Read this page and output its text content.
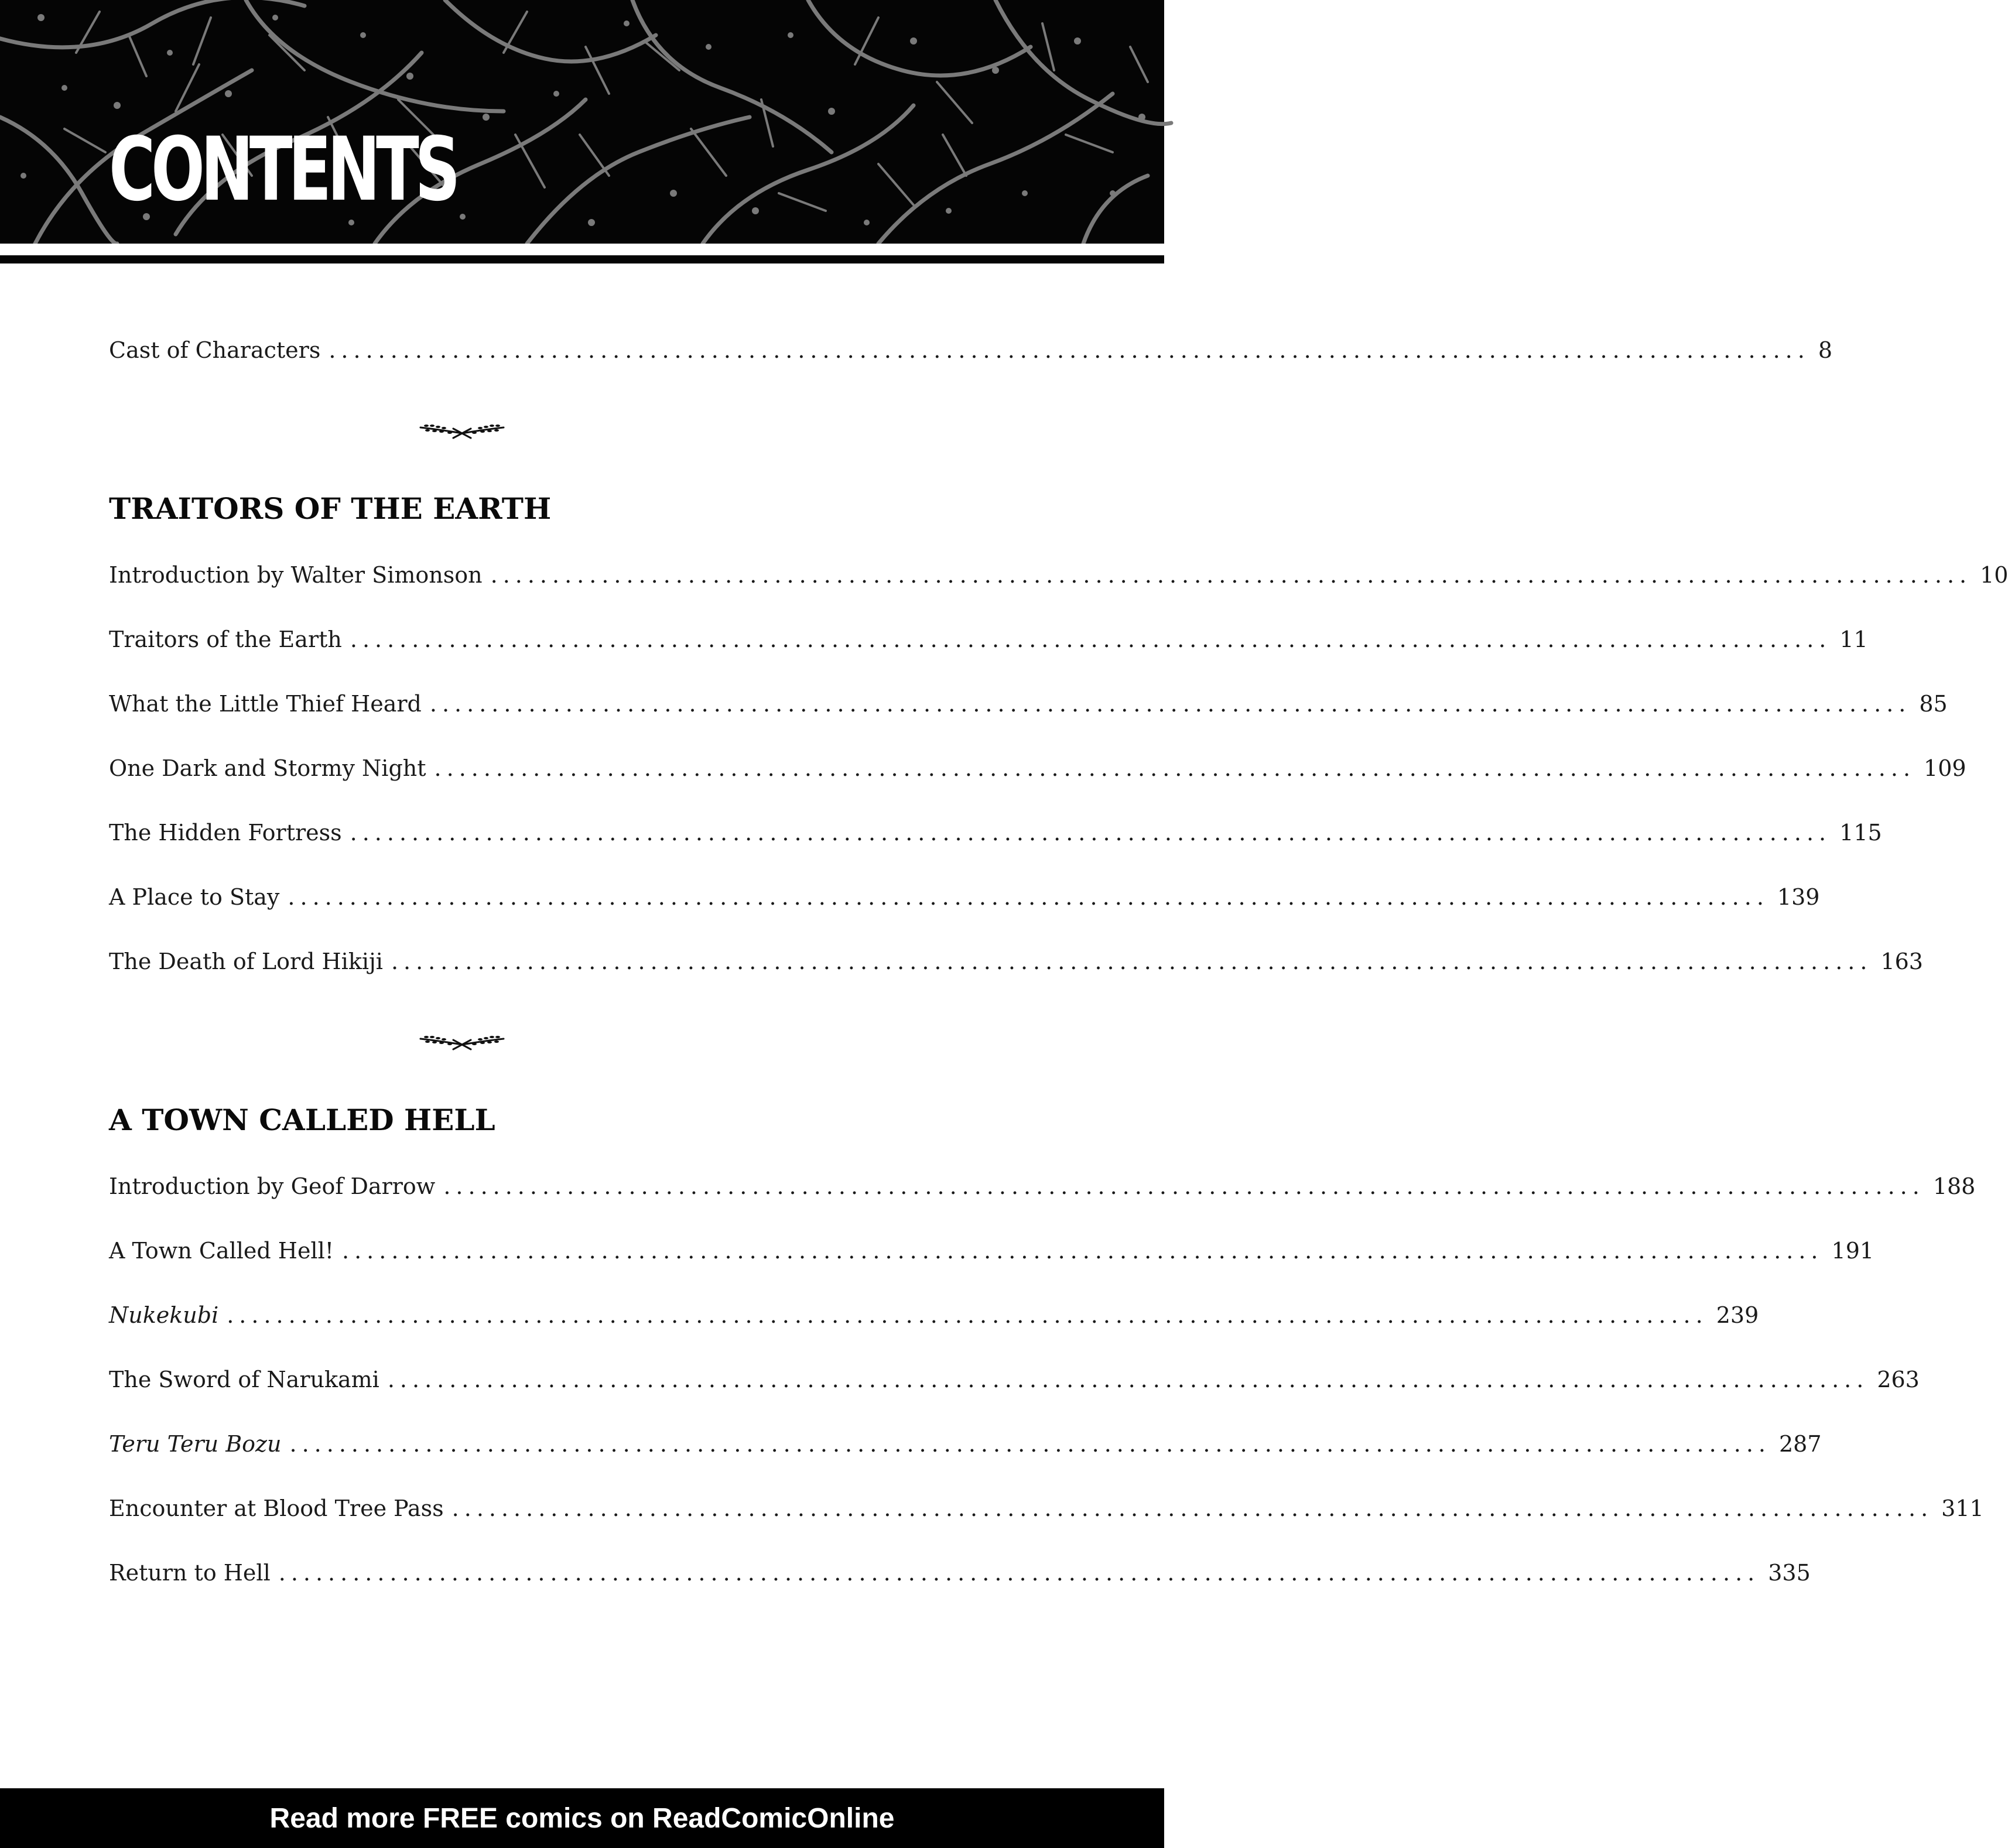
CONTENTS
Cast of Characters ........................................................................................................................ 8
TRAITORS OF THE EARTH
Introduction by Walter Simonson ........................................................................................................................ 10
Traitors of the Earth ........................................................................................................................ 11
What the Little Thief Heard ........................................................................................................................ 85
One Dark and Stormy Night ........................................................................................................................ 109
The Hidden Fortress ........................................................................................................................ 115
A Place to Stay ........................................................................................................................ 139
The Death of Lord Hikiji ........................................................................................................................ 163
A TOWN CALLED HELL
Introduction by Geof Darrow ........................................................................................................................ 188
A Town Called Hell! ........................................................................................................................ 191
Nukekubi ........................................................................................................................ 239
The Sword of Narukami ........................................................................................................................ 263
Teru Teru Bozu ........................................................................................................................ 287
Encounter at Blood Tree Pass ........................................................................................................................ 311
Return to Hell ........................................................................................................................ 335
Read more FREE comics on ReadComicOnline
